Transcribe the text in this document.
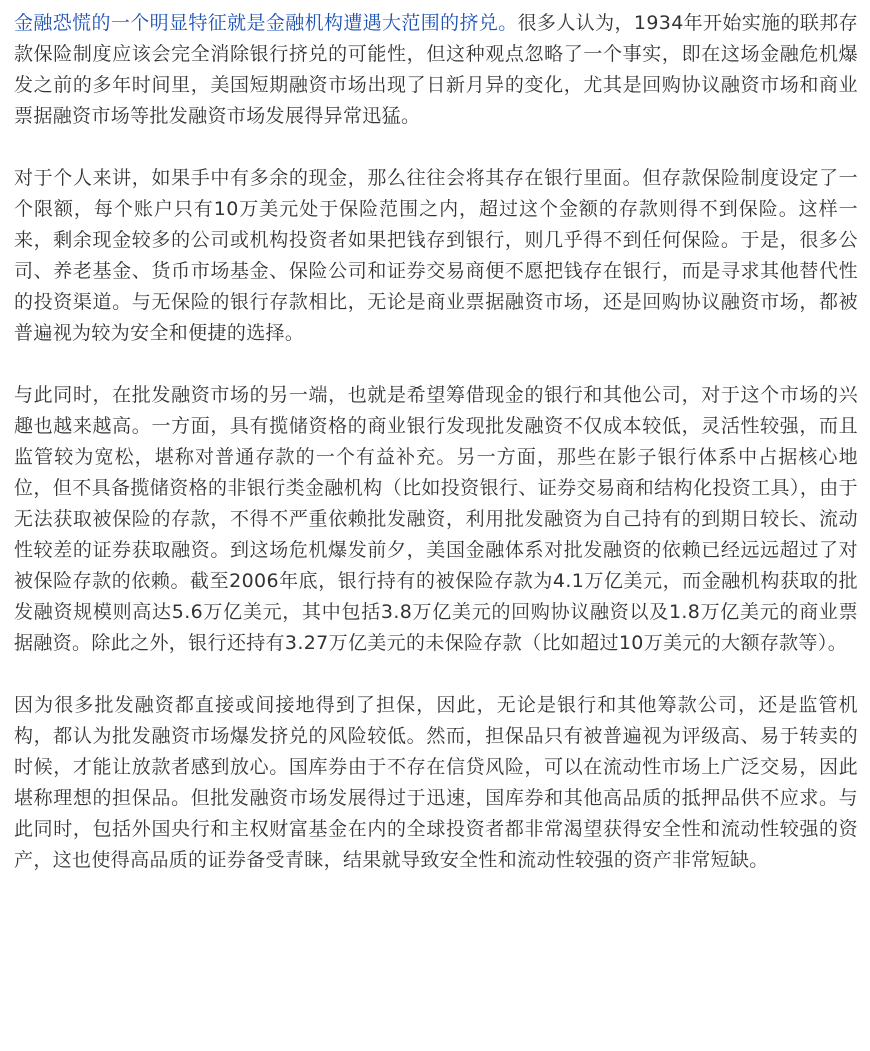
金融恐慌的一个明显特征就是金融机构遭遇大范围的挤兑。很多人认为，1934年开始实施的联邦存款保险制度应该会完全消除银行挤兑的可能性，但这种观点忽略了一个事实，即在这场金融危机爆发之前的多年时间里，美国短期融资市场出现了日新月异的变化，尤其是回购协议融资市场和商业票据融资市场等批发融资市场发展得异常迅猛。

对于个人来讲，如果手中有多余的现金，那么往往会将其存在银行里面。但存款保险制度设定了一个限额，每个账户只有10万美元处于保险范围之内，超过这个金额的存款则得不到保险。这样一来，剩余现金较多的公司或机构投资者如果把钱存到银行，则几乎得不到任何保险。于是，很多公司、养老基金、货币市场基金、保险公司和证券交易商便不愿把钱存在银行，而是寻求其他替代性的投资渠道。与无保险的银行存款相比，无论是商业票据融资市场，还是回购协议融资市场，都被普遍视为较为安全和便捷的选择。

与此同时，在批发融资市场的另一端，也就是希望筹借现金的银行和其他公司，对于这个市场的兴趣也越来越高。一方面，具有揽储资格的商业银行发现批发融资不仅成本较低，灵活性较强，而且监管较为宽松，堪称对普通存款的一个有益补充。另一方面，那些在影子银行体系中占据核心地位，但不具备揽储资格的非银行类金融机构（比如投资银行、证券交易商和结构化投资工具），由于无法获取被保险的存款，不得不严重依赖批发融资，利用批发融资为自己持有的到期日较长、流动性较差的证券获取融资。到这场危机爆发前夕，美国金融体系对批发融资的依赖已经远远超过了对被保险存款的依赖。截至2006年底，银行持有的被保险存款为4.1万亿美元，而金融机构获取的批发融资规模则高达5.6万亿美元，其中包括3.8万亿美元的回购协议融资以及1.8万亿美元的商业票据融资。除此之外，银行还持有3.27万亿美元的未保险存款（比如超过10万美元的大额存款等）。

因为很多批发融资都直接或间接地得到了担保，因此，无论是银行和其他筹款公司，还是监管机构，都认为批发融资市场爆发挤兑的风险较低。然而，担保品只有被普遍视为评级高、易于转卖的时候，才能让放款者感到放心。国库券由于不存在信贷风险，可以在流动性市场上广泛交易，因此堪称理想的担保品。但批发融资市场发展得过于迅速，国库券和其他高品质的抵押品供不应求。与此同时，包括外国央行和主权财富基金在内的全球投资者都非常渴望获得安全性和流动性较强的资产，这也使得高品质的证券备受青睐，结果就导致安全性和流动性较强的资产非常短缺。
